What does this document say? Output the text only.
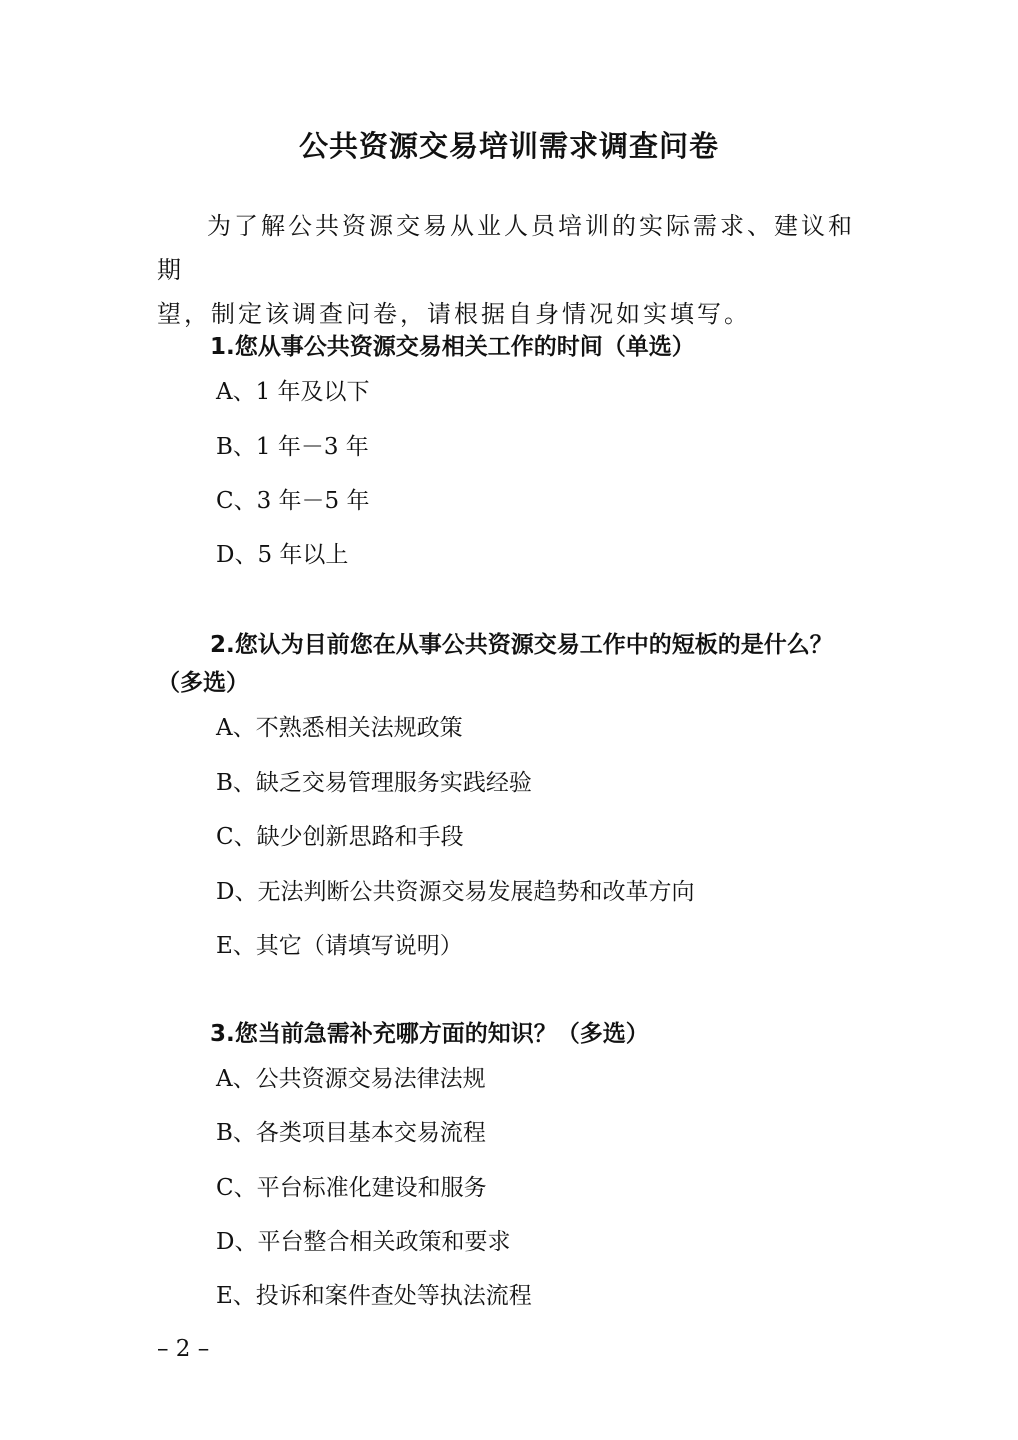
公共资源交易培训需求调查问卷
为了解公共资源交易从业人员培训的实际需求、建议和期
望，制定该调查问卷，请根据自身情况如实填写。
1.您从事公共资源交易相关工作的时间（单选）
A、1 年及以下
B、1 年－3 年
C、3 年－5 年
D、5 年以上
2.您认为目前您在从事公共资源交易工作中的短板的是什么？
（多选）
A、不熟悉相关法规政策
B、缺乏交易管理服务实践经验
C、缺少创新思路和手段
D、无法判断公共资源交易发展趋势和改革方向
E、其它（请填写说明）
3.您当前急需补充哪方面的知识？（多选）
A、公共资源交易法律法规
B、各类项目基本交易流程
C、平台标准化建设和服务
D、平台整合相关政策和要求
E、投诉和案件查处等执法流程
– 2 –
